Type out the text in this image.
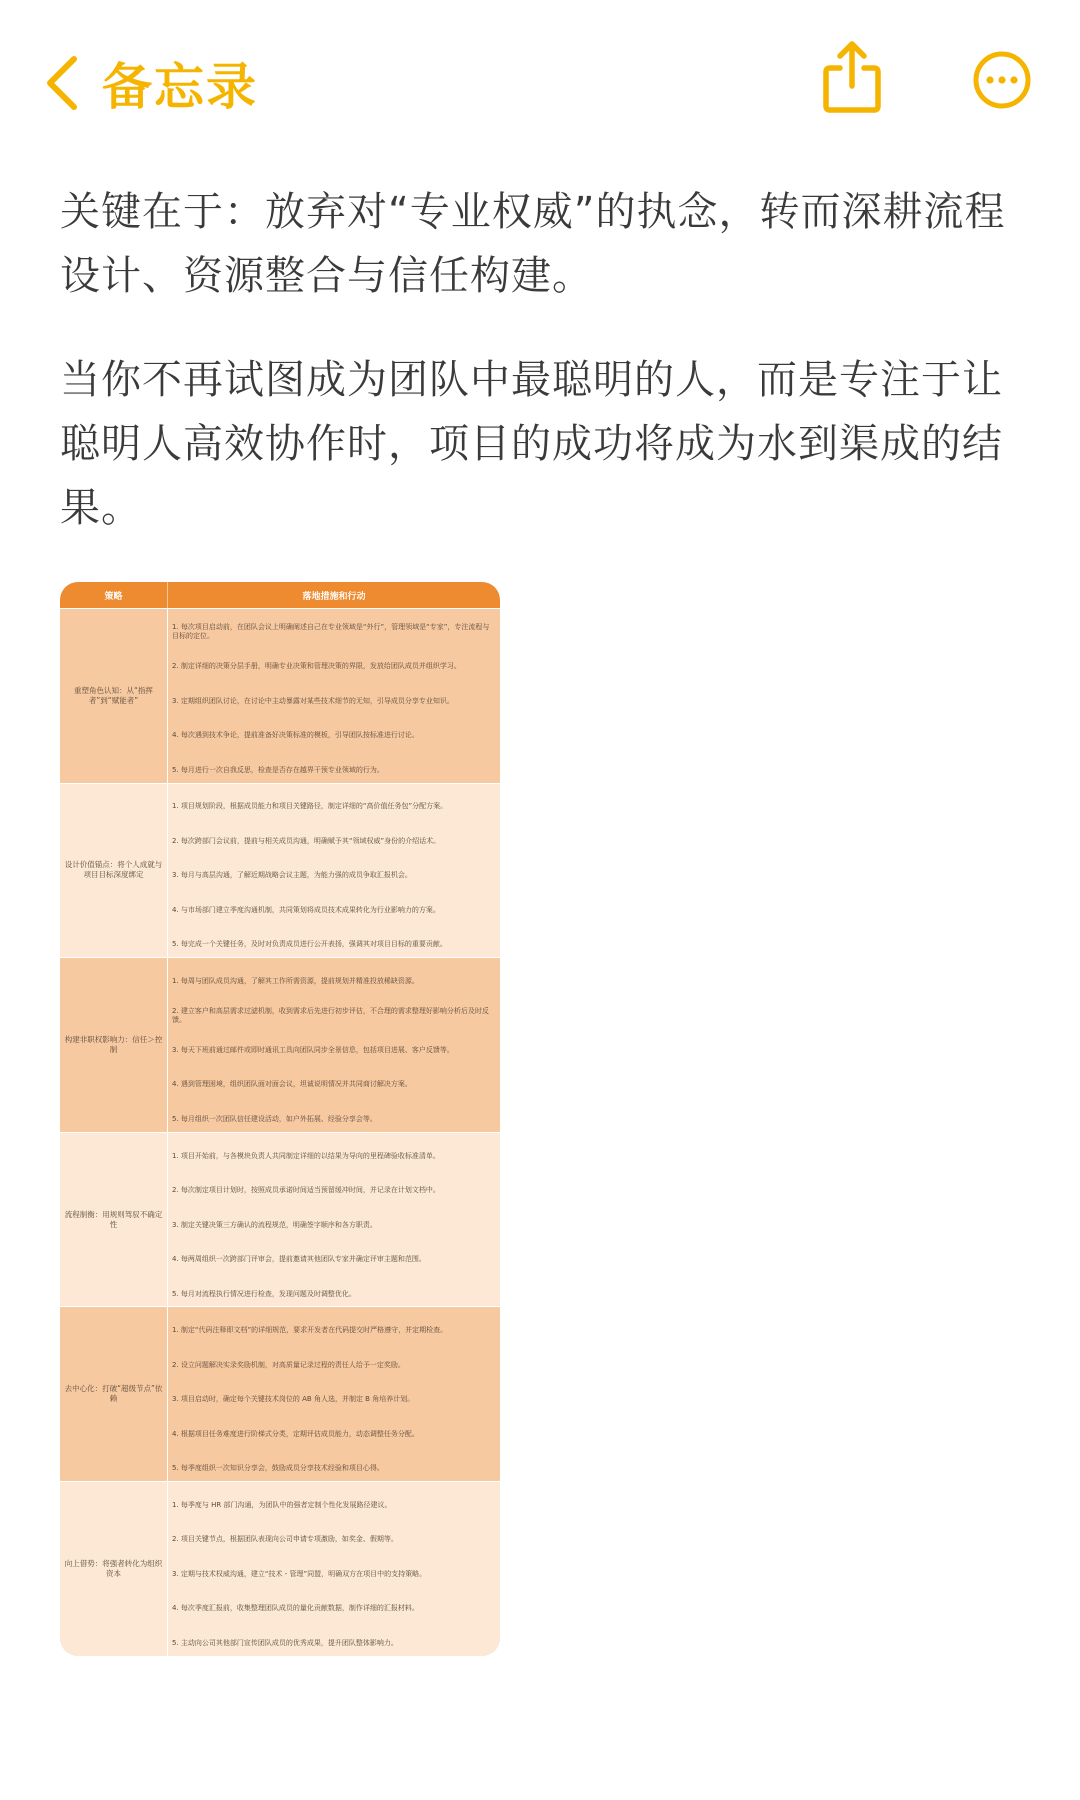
备忘录
关键在于：放弃对“专业权威”的执念，转而深耕流程设计、资源整合与信任构建。
当你不再试图成为团队中最聪明的人，而是专注于让聪明人高效协作时，项目的成功将成为水到渠成的结果。
策略	落地措施和行动
重塑角色认知：从“指挥者”到“赋能者”
1. 每次项目启动前，在团队会议上明确阐述自己在专业领域是“外行”，管理领域是“专家”，专注流程与目标的定位。
2. 制定详细的决策分层手册，明确专业决策和管理决策的界限，发放给团队成员并组织学习。
3. 定期组织团队讨论，在讨论中主动暴露对某些技术细节的无知，引导成员分享专业知识。
4. 每次遇到技术争论，提前准备好决策标准的模板，引导团队按标准进行讨论。
5. 每月进行一次自我反思，检查是否存在越界干预专业领域的行为。
设计价值锚点：将个人成就与项目目标深度绑定
1. 项目规划阶段，根据成员能力和项目关键路径，制定详细的“高价值任务包”分配方案。
2. 每次跨部门会议前，提前与相关成员沟通，明确赋予其“领域权威”身份的介绍话术。
3. 每月与高层沟通，了解近期战略会议主题，为能力强的成员争取汇报机会。
4. 与市场部门建立季度沟通机制，共同策划将成员技术成果转化为行业影响力的方案。
5. 每完成一个关键任务，及时对负责成员进行公开表扬，强调其对项目目标的重要贡献。
构建非职权影响力：信任＞控制
1. 每周与团队成员沟通，了解其工作所需资源，提前规划并精准投放稀缺资源。
2. 建立客户和高层需求过滤机制，收到需求后先进行初步评估，不合理的需求整理好影响分析后及时反馈。
3. 每天下班前通过邮件或即时通讯工具向团队同步全景信息，包括项目进展、客户反馈等。
4. 遇到管理困境，组织团队面对面会议，坦诚说明情况并共同商讨解决方案。
5. 每月组织一次团队信任建设活动，如户外拓展、经验分享会等。
流程制衡：用规则驾驭不确定性
1. 项目开始前，与各模块负责人共同制定详细的以结果为导向的里程碑验收标准清单。
2. 每次制定项目计划时，按照成员承诺时间适当预留缓冲时间，并记录在计划文档中。
3. 制定关键决策三方确认的流程规范，明确签字顺序和各方职责。
4. 每两周组织一次跨部门评审会，提前邀请其他团队专家并确定评审主题和范围。
5. 每月对流程执行情况进行检查，发现问题及时调整优化。
去中心化：打破“超级节点”依赖
1. 制定“代码注释即文档”的详细规范，要求开发者在代码提交时严格遵守，并定期检查。
2. 设立问题解决实录奖励机制，对高质量记录过程的责任人给予一定奖励。
3. 项目启动时，确定每个关键技术岗位的 AB 角人选，并制定 B 角培养计划。
4. 根据项目任务难度进行阶梯式分类，定期评估成员能力，动态调整任务分配。
5. 每季度组织一次知识分享会，鼓励成员分享技术经验和项目心得。
向上借势：将强者转化为组织资本
1. 每季度与 HR 部门沟通，为团队中的强者定制个性化发展路径建议。
2. 项目关键节点，根据团队表现向公司申请专项激励，如奖金、假期等。
3. 定期与技术权威沟通，建立“技术 - 管理”同盟，明确双方在项目中的支持策略。
4. 每次季度汇报前，收集整理团队成员的量化贡献数据，制作详细的汇报材料。
5. 主动向公司其他部门宣传团队成员的优秀成果，提升团队整体影响力。
